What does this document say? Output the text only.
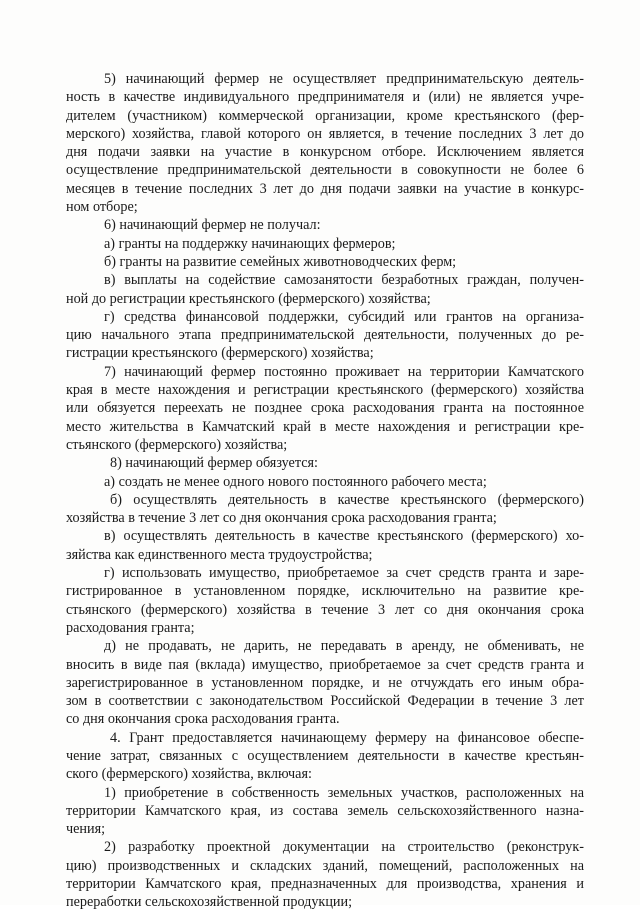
5) начинающий фермер не осуществляет предпринимательскую деятель-
ность в качестве индивидуального предпринимателя и (или) не является учре-
дителем (участником) коммерческой организации, кроме крестьянского (фер-
мерского) хозяйства, главой которого он является, в течение последних 3 лет до
дня подачи заявки на участие в конкурсном отборе. Исключением является
осуществление предпринимательской деятельности в совокупности не более 6
месяцев в течение последних 3 лет до дня подачи заявки на участие в конкурс-
ном отборе;
6) начинающий фермер не получал:
а) гранты на поддержку начинающих фермеров;
б) гранты на развитие семейных животноводческих ферм;
в) выплаты на содействие самозанятости безработных граждан, получен-
ной до регистрации крестьянского (фермерского) хозяйства;
г) средства финансовой поддержки, субсидий или грантов на организа-
цию начального этапа предпринимательской деятельности, полученных до ре-
гистрации крестьянского (фермерского) хозяйства;
7) начинающий фермер постоянно проживает на территории Камчатского
края в месте нахождения и регистрации крестьянского (фермерского) хозяйства
или обязуется переехать не позднее срока расходования гранта на постоянное
место жительства в Камчатский край в месте нахождения и регистрации кре-
стьянского (фермерского) хозяйства;
8) начинающий фермер обязуется:
а) создать не менее одного нового постоянного рабочего места;
б) осуществлять деятельность в качестве крестьянского (фермерского)
хозяйства в течение 3 лет со дня окончания срока расходования гранта;
в) осуществлять деятельность в качестве крестьянского (фермерского) хо-
зяйства как единственного места трудоустройства;
г) использовать имущество, приобретаемое за счет средств гранта и заре-
гистрированное в установленном порядке, исключительно на развитие кре-
стьянского (фермерского) хозяйства в течение 3 лет со дня окончания срока
расходования гранта;
д) не продавать, не дарить, не передавать в аренду, не обменивать, не
вносить в виде пая (вклада) имущество, приобретаемое за счет средств гранта и
зарегистрированное в установленном порядке, и не отчуждать его иным обра-
зом в соответствии с законодательством Российской Федерации в течение 3 лет
со дня окончания срока расходования гранта.
4. Грант предоставляется начинающему фермеру на финансовое обеспе-
чение затрат, связанных с осуществлением деятельности в качестве крестьян-
ского (фермерского) хозяйства, включая:
1) приобретение в собственность земельных участков, расположенных на
территории Камчатского края, из состава земель сельскохозяйственного назна-
чения;
2) разработку проектной документации на строительство (реконструк-
цию) производственных и складских зданий, помещений, расположенных на
территории Камчатского края, предназначенных для производства, хранения и
переработки сельскохозяйственной продукции;
